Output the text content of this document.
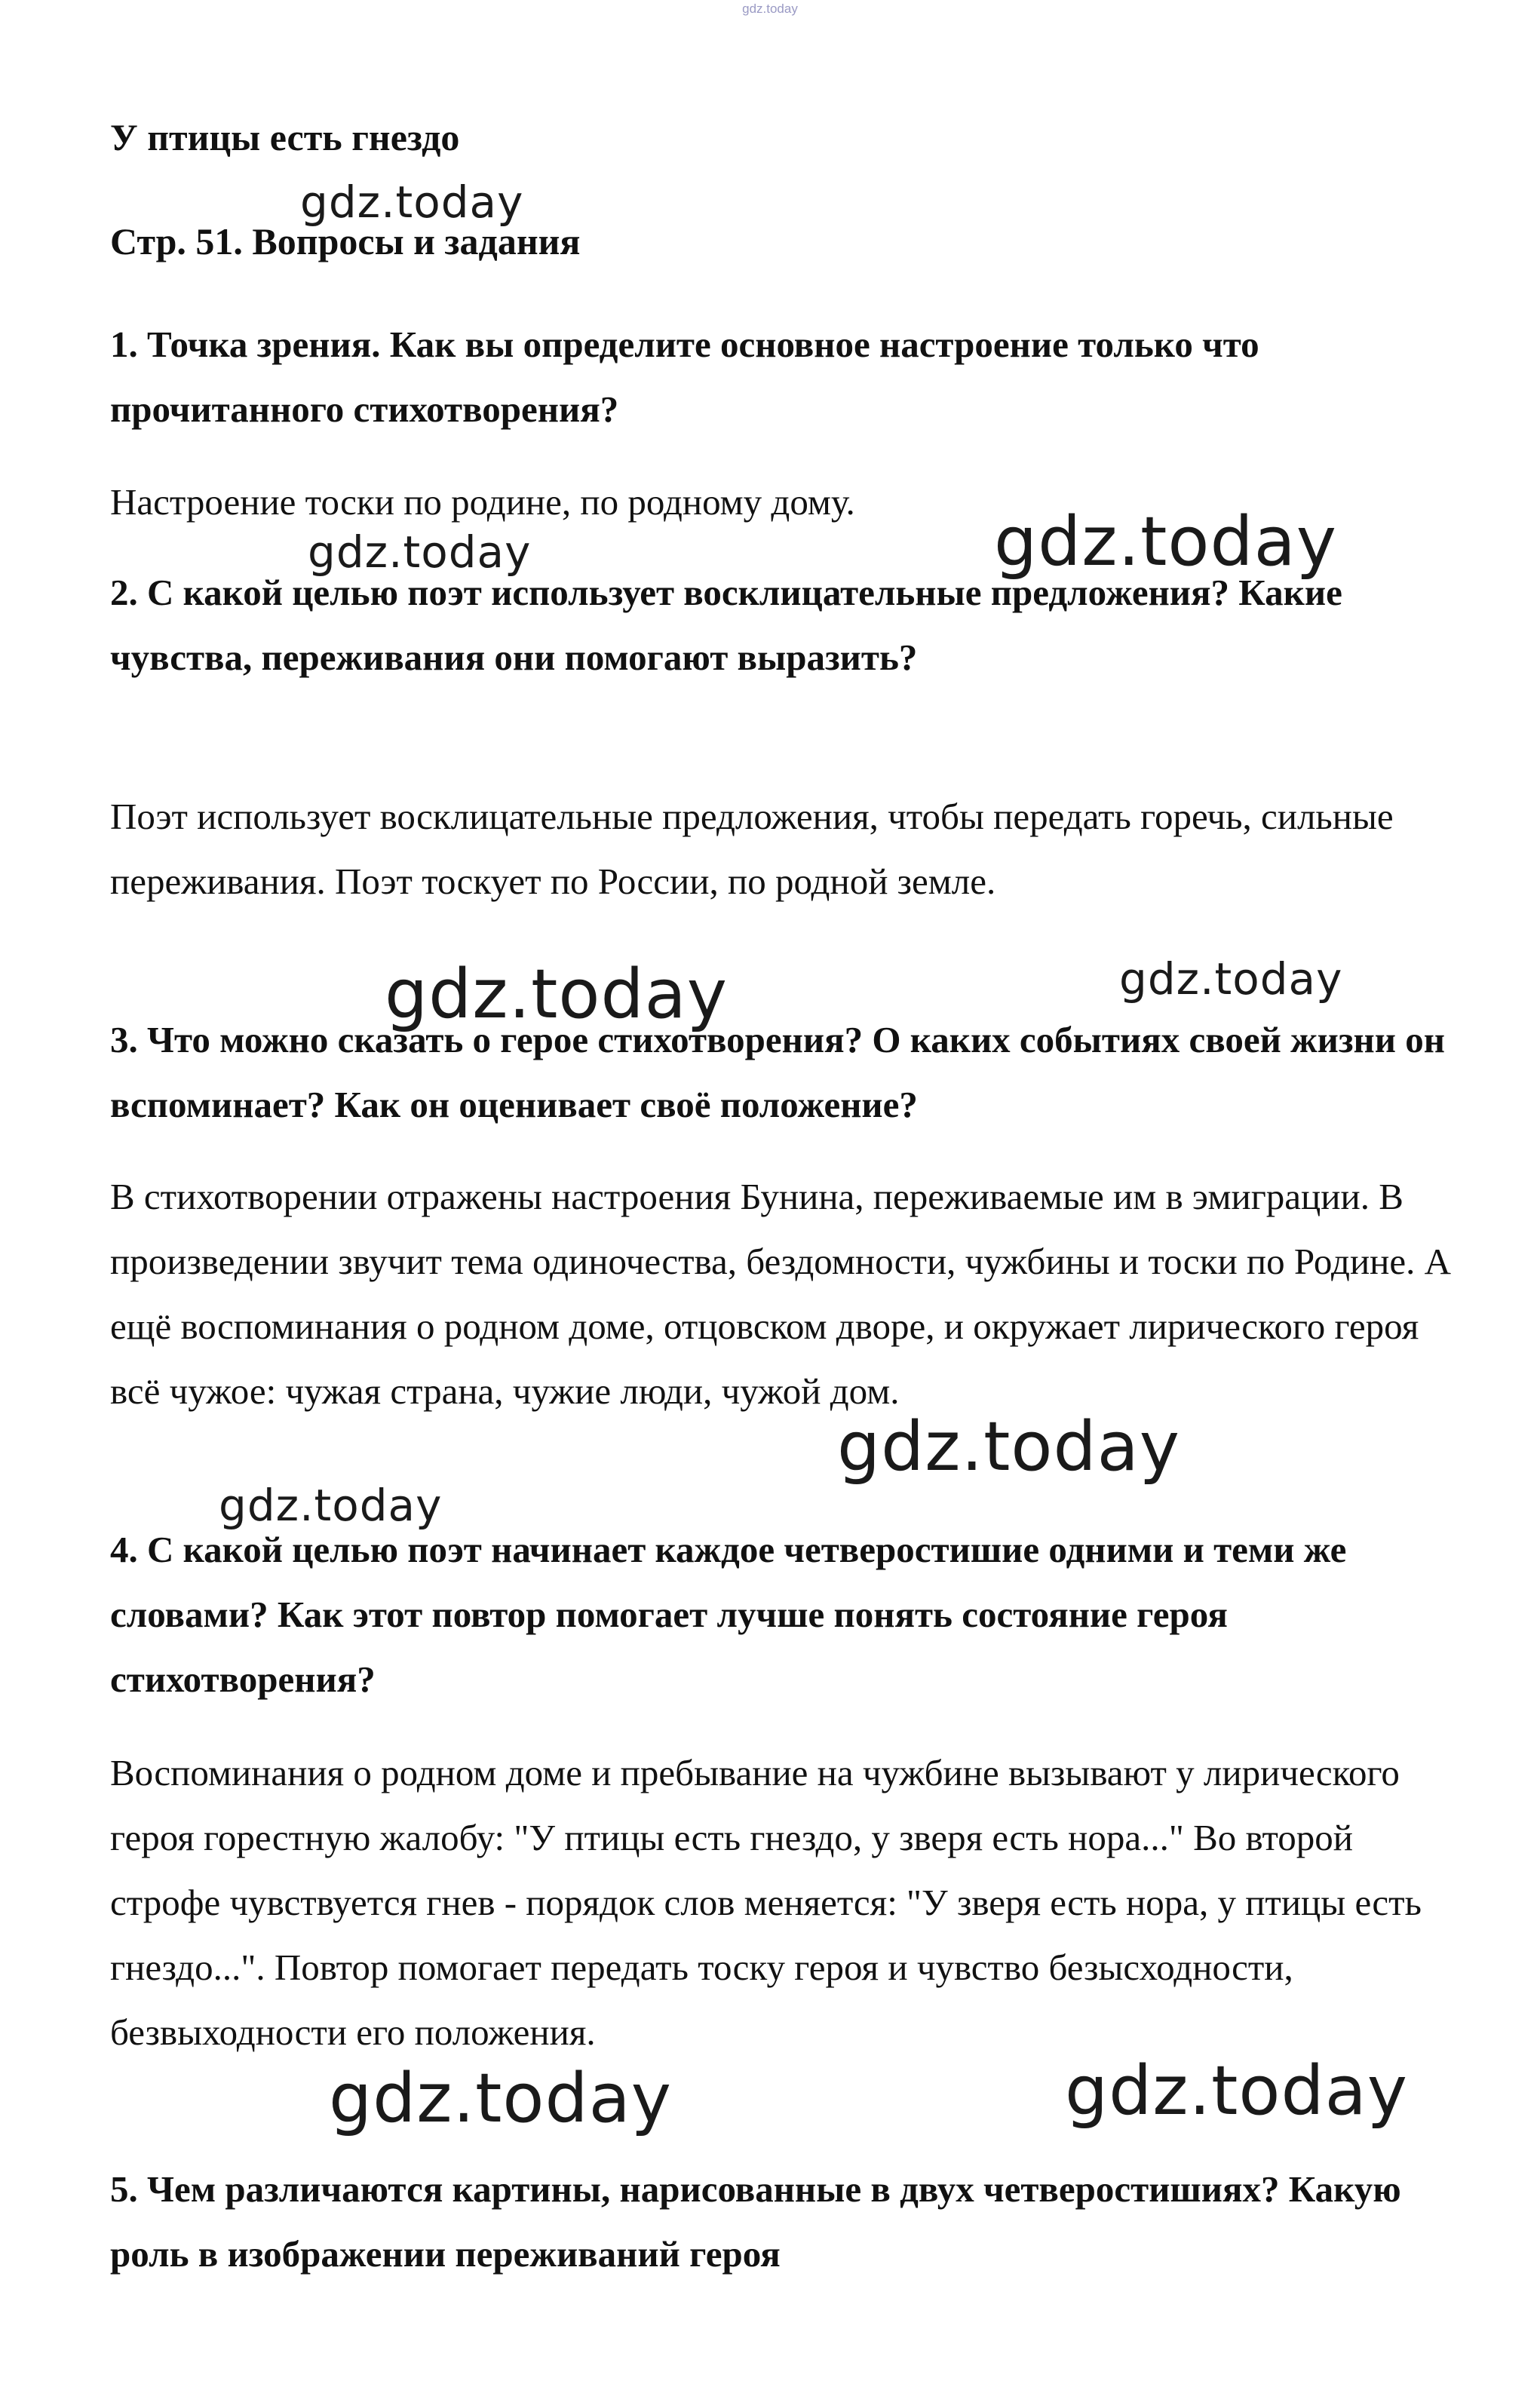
gdz.today

У птицы есть гнездо

Стр. 51. Вопросы и задания

1. Точка зрения. Как вы определите основное настроение только что прочитанного стихотворения?

Настроение тоски по родине, по родному дому.

2. С какой целью поэт использует восклицательные предложения? Какие чувства, переживания они помогают выразить?

Поэт использует восклицательные предложения, чтобы передать горечь, сильные переживания. Поэт тоскует по России, по родной земле.

3. Что можно сказать о герое стихотворения? О каких событиях своей жизни он вспоминает? Как он оценивает своё положение?

В стихотворении отражены настроения Бунина, переживаемые им в эмиграции. В произведении звучит тема одиночества, бездомности, чужбины и тоски по Родине. А ещё воспоминания о родном доме, отцовском дворе, и окружает лирического героя всё чужое: чужая страна, чужие люди, чужой дом.

4. С какой целью поэт начинает каждое четверостишие одними и теми же словами? Как этот повтор помогает лучше понять состояние героя стихотворения?

Воспоминания о родном доме и пребывание на чужбине вызывают у лирического героя горестную жалобу: "У птицы есть гнездо, у зверя есть нора..." Во второй строфе чувствуется гнев - порядок слов меняется: "У зверя есть нора, у птицы есть гнездо...". Повтор помогает передать тоску героя и чувство безысходности, безвыходности его положения.

5. Чем различаются картины, нарисованные в двух четверостишиях? Какую роль в изображении переживаний героя

gdz.today
gdz.today	gdz.today
gdz.today	gdz.today
gdz.today
gdz.today
gdz.today	gdz.today
